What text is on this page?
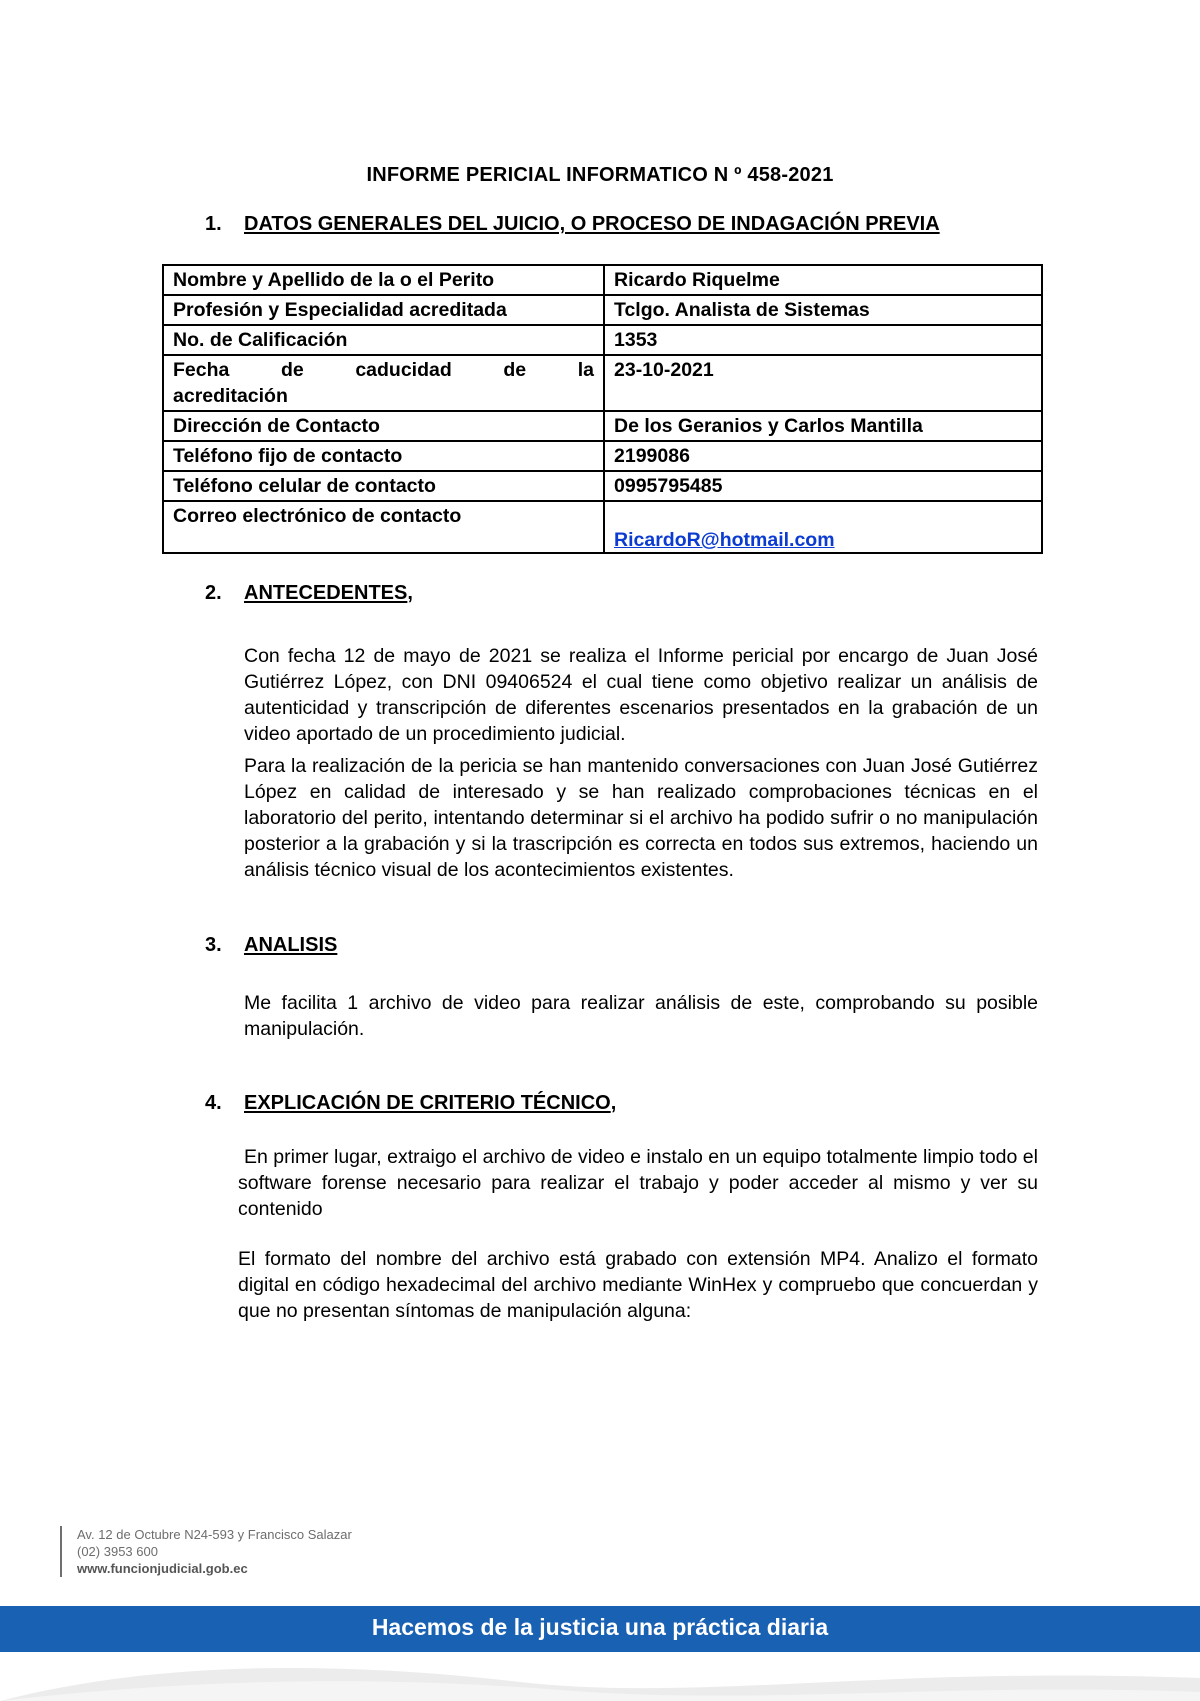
INFORME PERICIAL INFORMATICO N º 458-2021
1. DATOS GENERALES DEL JUICIO, O PROCESO DE INDAGACIÓN PREVIA
Nombre y Apellido de la o el Perito	Ricardo Riquelme
Profesión y Especialidad acreditada	Tclgo. Analista de Sistemas
No. de Calificación	1353

Fecha de caducidad de la
acreditación	23-10-2021
Dirección de Contacto	De los Geranios y Carlos Mantilla
Teléfono fijo de contacto	2199086
Teléfono celular de contacto	0995795485
Correo electrónico de contacto	RicardoR@hotmail.com
2. ANTECEDENTES,

Con fecha 12 de mayo de 2021 se realiza el Informe pericial por encargo de Juan José Gutiérrez López, con DNI 09406524 el cual tiene como objetivo realizar un análisis de autenticidad y transcripción de diferentes escenarios presentados en la grabación de un video aportado de un procedimiento judicial.

Para la realización de la pericia se han mantenido conversaciones con Juan José Gutiérrez López en calidad de interesado y se han realizado comprobaciones técnicas en el laboratorio del perito, intentando determinar si el archivo ha podido sufrir o no manipulación posterior a la grabación y si la trascripción es correcta en todos sus extremos, haciendo un análisis técnico visual de los acontecimientos existentes.

3. ANALISIS

Me facilita 1 archivo de video para realizar análisis de este, comprobando su posible manipulación.

4. EXPLICACIÓN DE CRITERIO TÉCNICO,

En primer lugar, extraigo el archivo de video e instalo en un equipo totalmente limpio todo el software forense necesario para realizar el trabajo y poder acceder al mismo y ver su contenido

El formato del nombre del archivo está grabado con extensión MP4. Analizo el formato digital en código hexadecimal del archivo mediante WinHex y compruebo que concuerdan y que no presentan síntomas de manipulación alguna:

Av. 12 de Octubre N24-593 y Francisco Salazar
(02) 3953 600
www.funcionjudicial.gob.ec
Hacemos de la justicia una práctica diaria
